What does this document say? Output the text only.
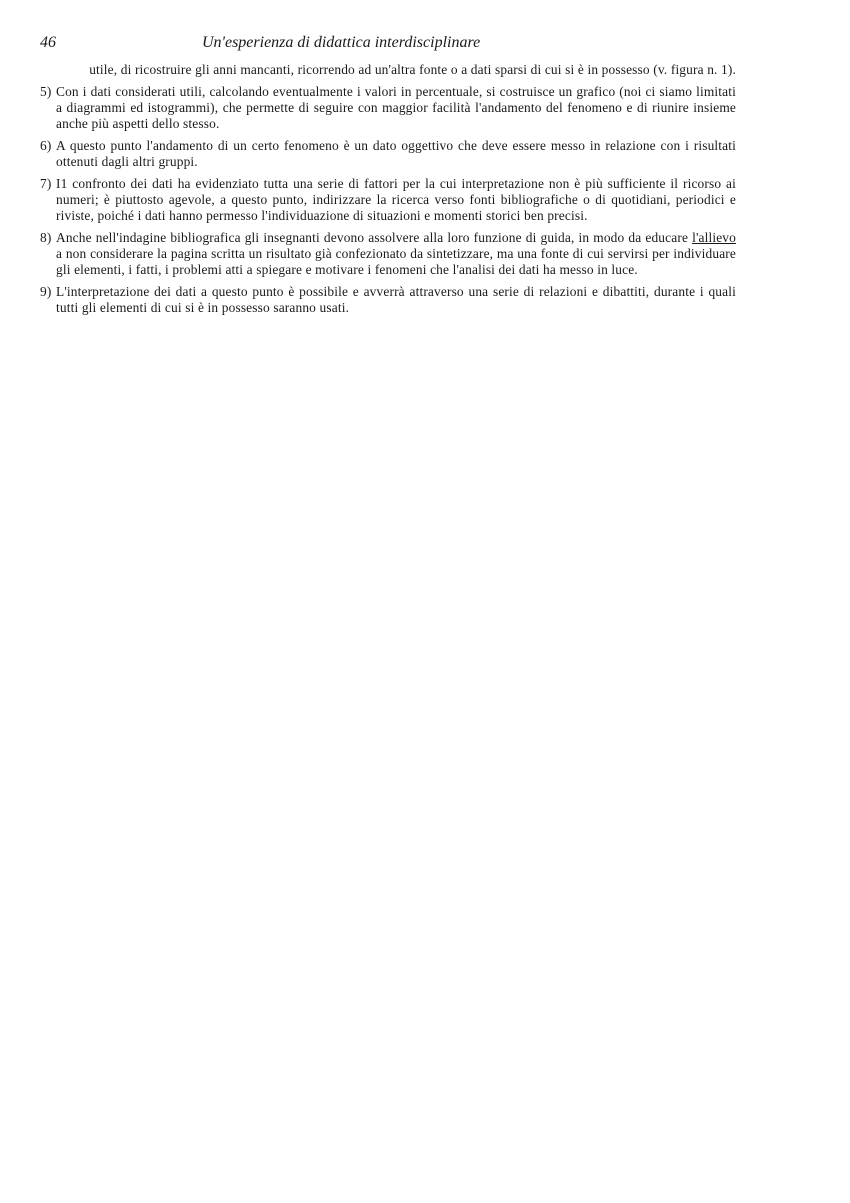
46	Un'esperienza di didattica interdisciplinare

utile, di ricostruire gli anni mancanti, ricorrendo ad un'altra fonte o a dati sparsi di cui si è in possesso (v. figura n. 1).

5) Con i dati considerati utili, calcolando eventualmente i valori in percentuale, si costruisce un grafico (noi ci siamo limitati a diagrammi ed istogrammi), che permette di seguire con maggior facilità l'andamento del fenomeno e di riunire insieme anche più aspetti dello stesso.
6) A questo punto l'andamento di un certo fenomeno è un dato oggettivo che deve essere messo in relazione con i risultati ottenuti dagli altri gruppi.
7) I1 confronto dei dati ha evidenziato tutta una serie di fattori per la cui interpretazione non è più sufficiente il ricorso ai numeri; è piuttosto agevole, a questo punto, indirizzare la ricerca verso fonti bibliografiche o di quotidiani, periodici e riviste, poiché i dati hanno permesso l'individuazione di situazioni e momenti storici ben precisi.
8) Anche nell'indagine bibliografica gli insegnanti devono assolvere alla loro funzione di guida, in modo da educare l'allievo a non considerare la pagina scritta un risultato già confezionato da sintetizzare, ma una fonte di cui servirsi per individuare gli elementi, i fatti, i problemi atti a spiegare e motivare i fenomeni che l'analisi dei dati ha messo in luce.
9) L'interpretazione dei dati a questo punto è possibile e avverrà attraverso una serie di relazioni e dibattiti, durante i quali tutti gli elementi di cui si è in possesso saranno usati.
